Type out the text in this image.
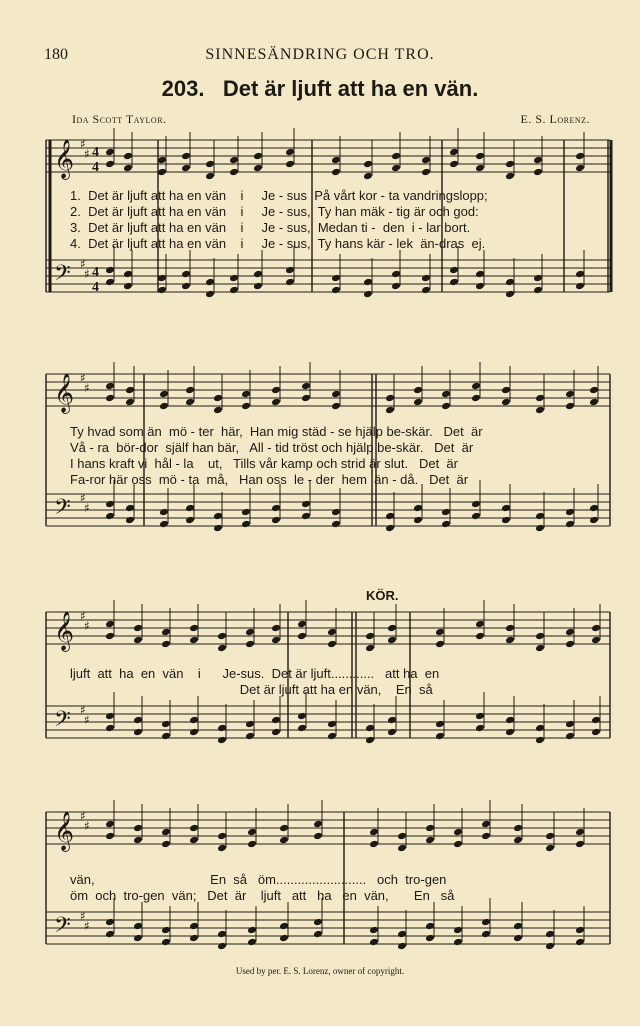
180	SINNESÄNDRING OCH TRO.
203. Det är ljuft att ha en vän.
Ida Scott Taylor.	E. S. Lorenz.
𝄞
𝄢
♯
♯
♯
♯
4
4
4
4
1.  Det är ljuft att ha en vän    i     Je - sus  På vårt kor - ta vandringslopp;
2.  Det är ljuft att ha en vän    i     Je - sus,  Ty han mäk - tig är och god:
3.  Det är ljuft att ha en vän    i     Je - sus,  Medan ti -  den  i - lar bort.
4.  Det är ljuft att ha en vän    i     Je - sus,  Ty hans kär - lek  än-dras  ej.
𝄞
𝄢
♯
♯
♯
♯
Ty hvad som än  mö - ter  här,  Han mig städ - se hjälp be-skär.   Det  är
Vå - ra  bör-dor  själf han bär,   All - tid tröst och hjälp be-skär.   Det  är
I hans kraft vi  hål - la    ut,   Tills vår kamp och strid är slut.   Det  är
Fa-ror här oss  mö - ta  må,   Han oss  le - der  hem  än - då.   Det  är
KÖR.
𝄞
𝄢
♯
♯
♯
♯
ljuft  att  ha  en  vän    i      Je-sus.  Det är ljuft............   att ha  en
Det är ljuft att ha en vän,    En  så
𝄞
𝄢
♯
♯
♯
♯
vän,                                En  så   öm.........................   och  tro-gen
öm  och  tro-gen  vän;   Det  är    ljuft   att   ha   en  vän,       En   så
Used by per. E. S. Lorenz, owner of copyright.
